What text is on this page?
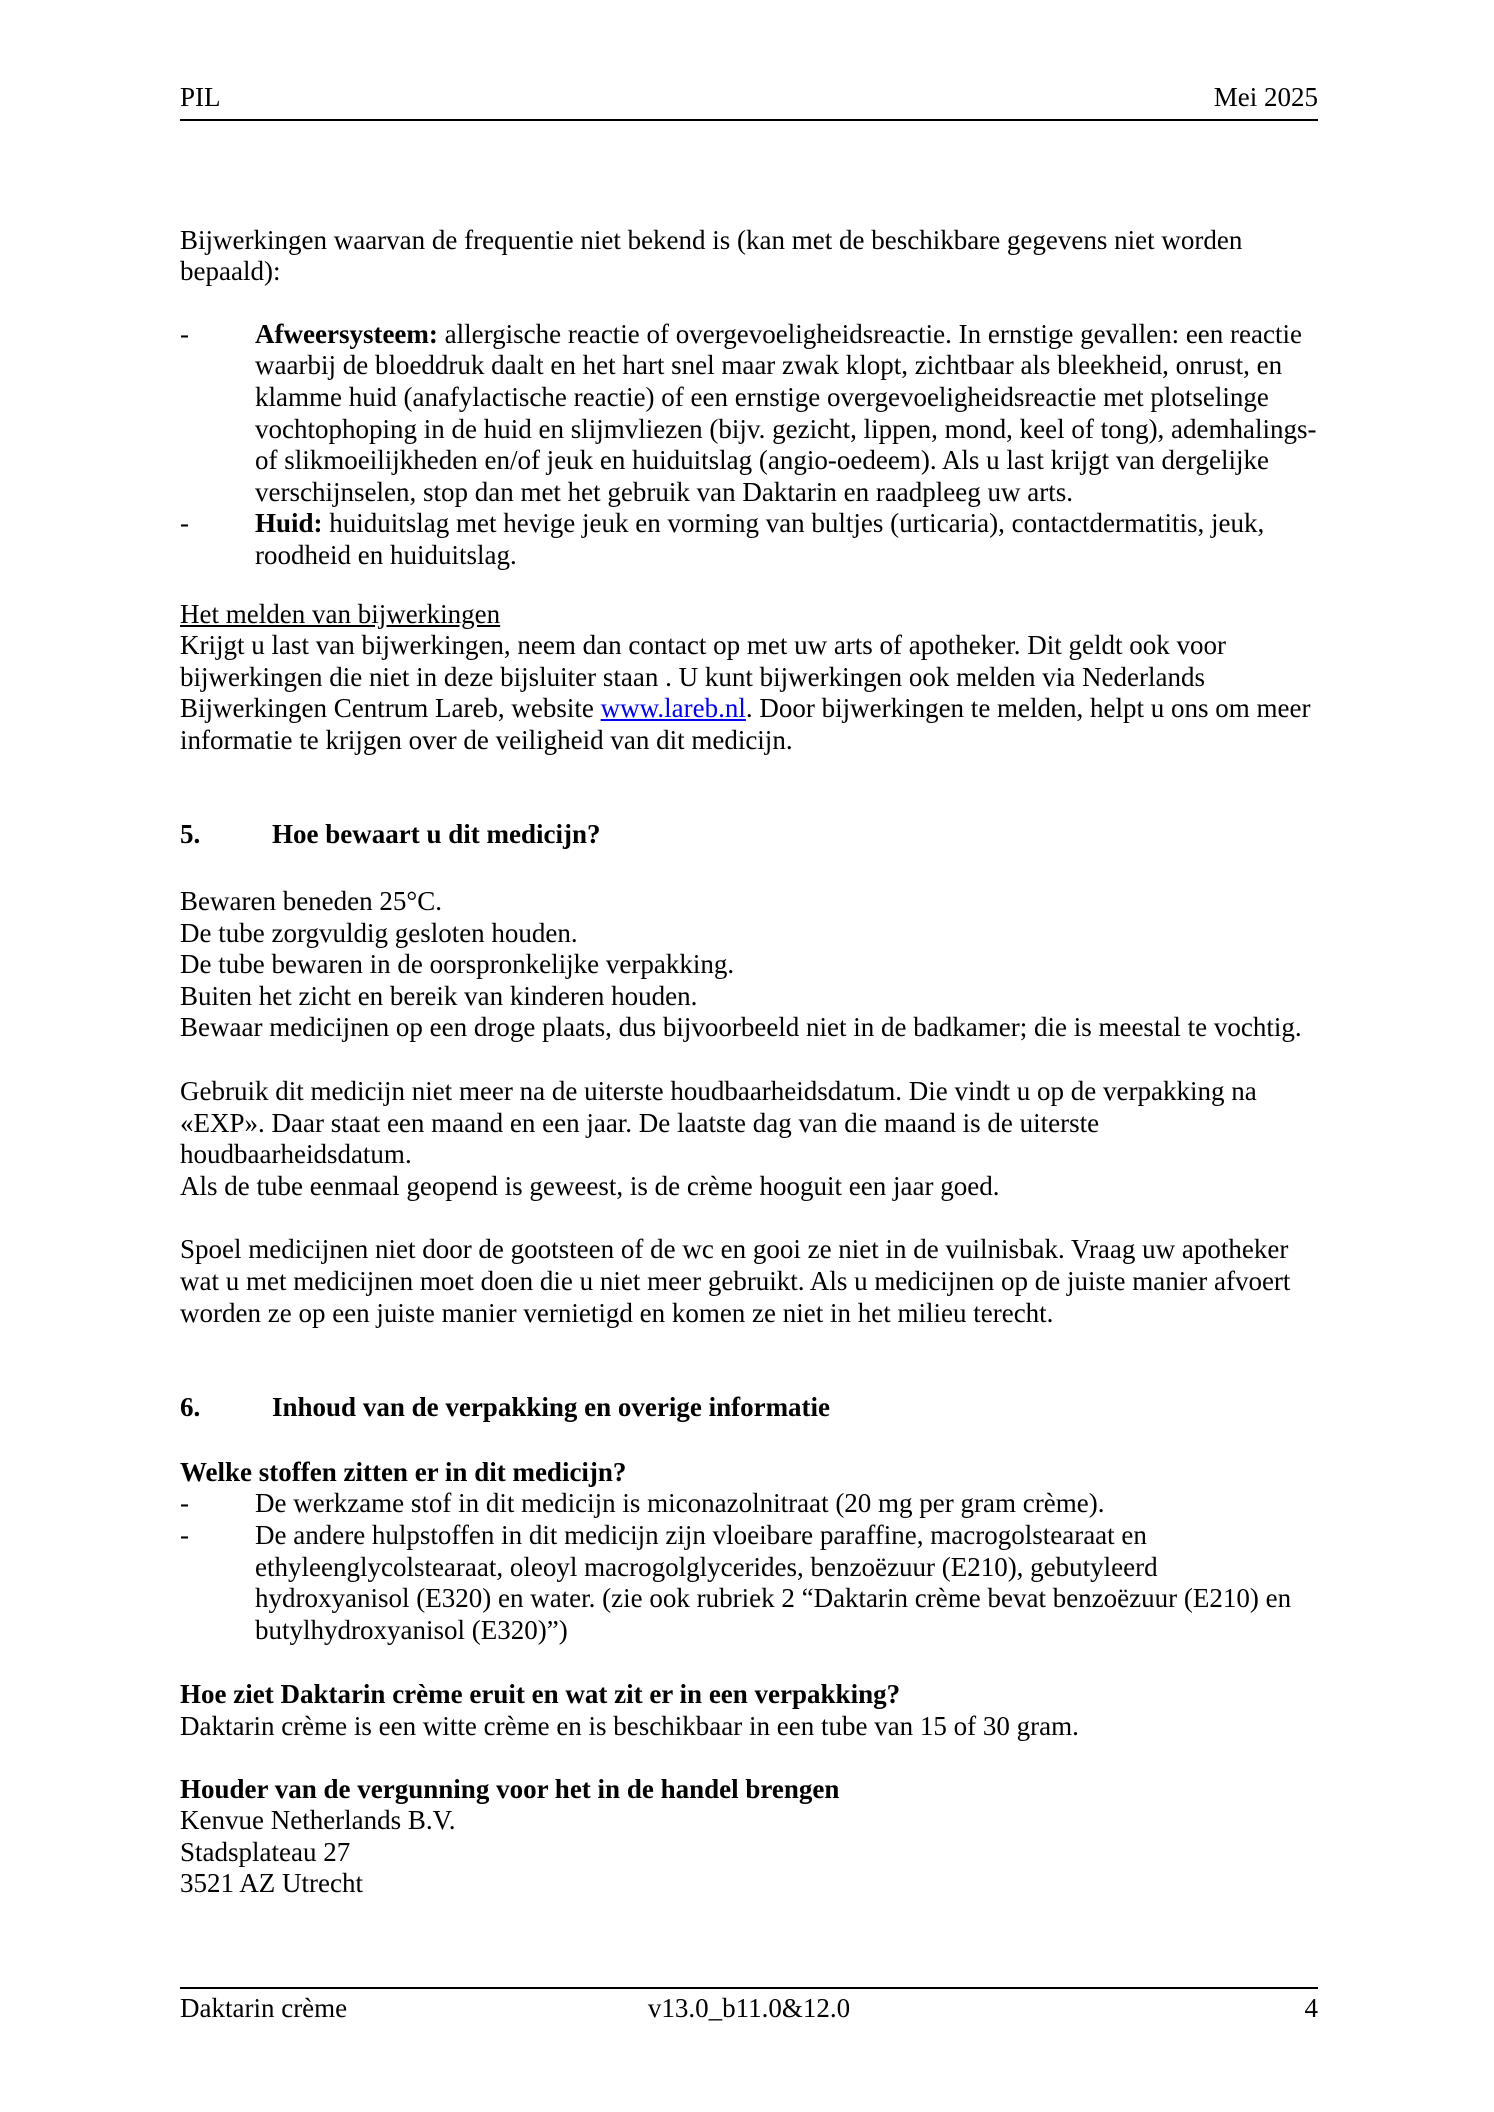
PIL	Mei 2025
Bijwerkingen waarvan de frequentie niet bekend is (kan met de beschikbare gegevens niet worden bepaald):
- Afweersysteem: allergische reactie of overgevoeligheidsreactie. In ernstige gevallen: een reactie waarbij de bloeddruk daalt en het hart snel maar zwak klopt, zichtbaar als bleekheid, onrust, en klamme huid (anafylactische reactie) of een ernstige overgevoeligheidsreactie met plotselinge vochtophoping in de huid en slijmvliezen (bijv. gezicht, lippen, mond, keel of tong), ademhalings- of slikmoeilijkheden en/of jeuk en huiduitslag (angio-oedeem). Als u last krijgt van dergelijke verschijnselen, stop dan met het gebruik van Daktarin en raadpleeg uw arts.
- Huid: huiduitslag met hevige jeuk en vorming van bultjes (urticaria), contactdermatitis, jeuk, roodheid en huiduitslag.
Het melden van bijwerkingen
Krijgt u last van bijwerkingen, neem dan contact op met uw arts of apotheker. Dit geldt ook voor bijwerkingen die niet in deze bijsluiter staan . U kunt bijwerkingen ook melden via Nederlands Bijwerkingen Centrum Lareb, website www.lareb.nl. Door bijwerkingen te melden, helpt u ons om meer informatie te krijgen over de veiligheid van dit medicijn.
5.	Hoe bewaart u dit medicijn?
Bewaren beneden 25°C.
De tube zorgvuldig gesloten houden.
De tube bewaren in de oorspronkelijke verpakking.
Buiten het zicht en bereik van kinderen houden.
Bewaar medicijnen op een droge plaats, dus bijvoorbeeld niet in de badkamer; die is meestal te vochtig.
Gebruik dit medicijn niet meer na de uiterste houdbaarheidsdatum. Die vindt u op de verpakking na «EXP». Daar staat een maand en een jaar. De laatste dag van die maand is de uiterste houdbaarheidsdatum.
Als de tube eenmaal geopend is geweest, is de crème hooguit een jaar goed.
Spoel medicijnen niet door de gootsteen of de wc en gooi ze niet in de vuilnisbak. Vraag uw apotheker wat u met medicijnen moet doen die u niet meer gebruikt. Als u medicijnen op de juiste manier afvoert worden ze op een juiste manier vernietigd en komen ze niet in het milieu terecht.
6.	Inhoud van de verpakking en overige informatie
Welke stoffen zitten er in dit medicijn?
- De werkzame stof in dit medicijn is miconazolnitraat (20 mg per gram crème).
- De andere hulpstoffen in dit medicijn zijn vloeibare paraffine, macrogolstearaat en ethyleenglycolstearaat, oleoyl macrogolglycerides, benzoëzuur (E210), gebutyleerd hydroxyanisol (E320) en water. (zie ook rubriek 2 “Daktarin crème bevat benzoëzuur (E210) en butylhydroxyanisol (E320)”)
Hoe ziet Daktarin crème eruit en wat zit er in een verpakking?
Daktarin crème is een witte crème en is beschikbaar in een tube van 15 of 30 gram.
Houder van de vergunning voor het in de handel brengen
Kenvue Netherlands B.V.
Stadsplateau 27
3521 AZ Utrecht
Daktarin crème	v13.0_b11.0&12.0	4
